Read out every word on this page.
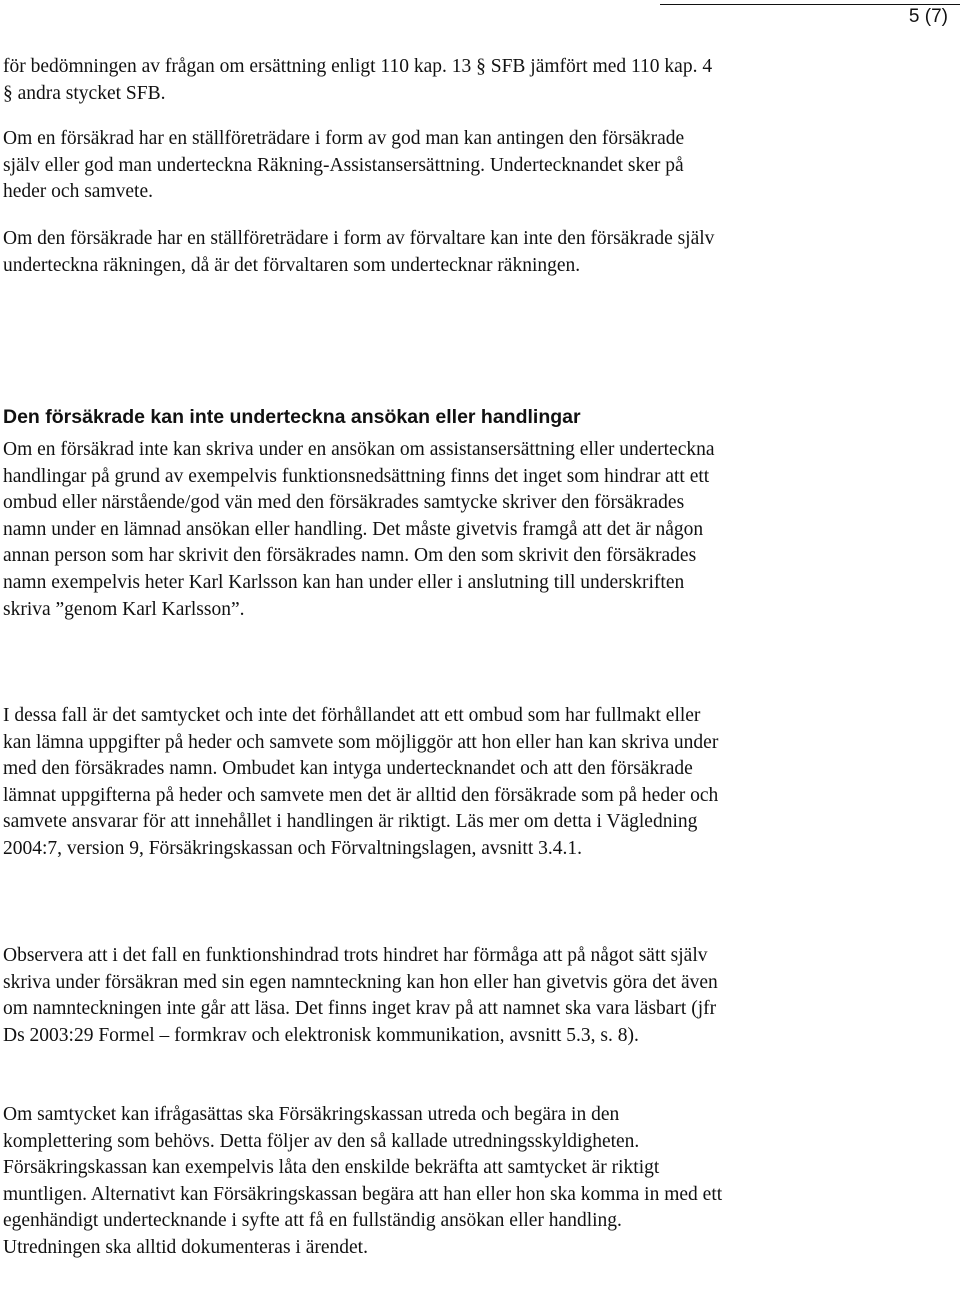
5 (7)

för bedömningen av frågan om ersättning enligt 110 kap. 13 § SFB jämfört med 110 kap. 4 § andra stycket SFB.

Om en försäkrad har en ställföreträdare i form av god man kan antingen den försäkrade själv eller god man underteckna Räkning-Assistansersättning. Undertecknandet sker på heder och samvete.

Om den försäkrade har en ställföreträdare i form av förvaltare kan inte den försäkrade själv underteckna räkningen, då är det förvaltaren som undertecknar räkningen.

Den försäkrade kan inte underteckna ansökan eller handlingar

Om en försäkrad inte kan skriva under en ansökan om assistansersättning eller underteckna handlingar på grund av exempelvis funktionsnedsättning finns det inget som hindrar att ett ombud eller närstående/god vän med den försäkrades samtycke skriver den försäkrades namn under en lämnad ansökan eller handling. Det måste givetvis framgå att det är någon annan person som har skrivit den försäkrades namn. Om den som skrivit den försäkrades namn exempelvis heter Karl Karlsson kan han under eller i anslutning till underskriften skriva ”genom Karl Karlsson”.

I dessa fall är det samtycket och inte det förhållandet att ett ombud som har fullmakt eller kan lämna uppgifter på heder och samvete som möjliggör att hon eller han kan skriva under med den försäkrades namn. Ombudet kan intyga undertecknandet och att den försäkrade lämnat uppgifterna på heder och samvete men det är alltid den försäkrade som på heder och samvete ansvarar för att innehållet i handlingen är riktigt. Läs mer om detta i Vägledning 2004:7, version 9, Försäkringskassan och Förvaltningslagen, avsnitt 3.4.1.

Observera att i det fall en funktionshindrad trots hindret har förmåga att på något sätt själv skriva under försäkran med sin egen namnteckning kan hon eller han givetvis göra det även om namnteckningen inte går att läsa. Det finns inget krav på att namnet ska vara läsbart (jfr Ds 2003:29 Formel – formkrav och elektronisk kommunikation, avsnitt 5.3, s. 8).

Om samtycket kan ifrågasättas ska Försäkringskassan utreda och begära in den komplettering som behövs. Detta följer av den så kallade utredningsskyldigheten. Försäkringskassan kan exempelvis låta den enskilde bekräfta att samtycket är riktigt muntligen. Alternativt kan Försäkringskassan begära att han eller hon ska komma in med ett egenhändigt undertecknande i syfte att få en fullständig ansökan eller handling. Utredningen ska alltid dokumenteras i ärendet.
